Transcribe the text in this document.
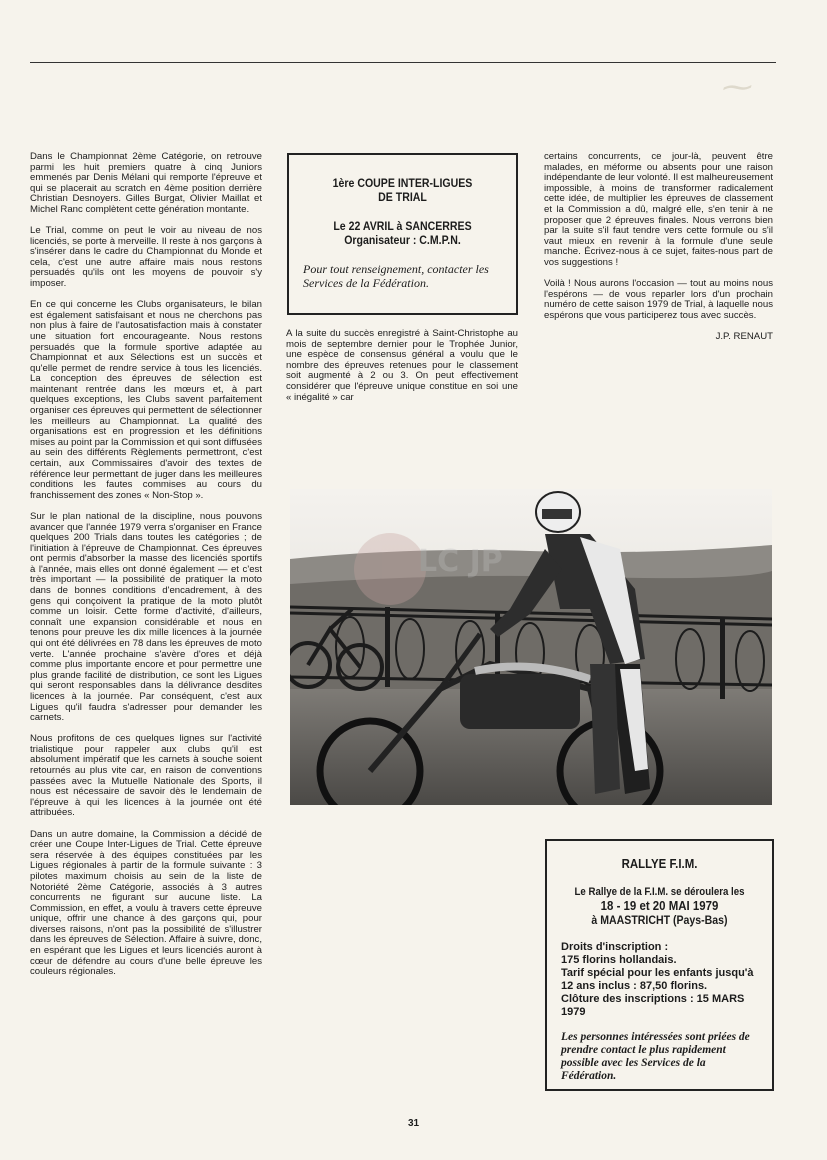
⁓

Dans le Championnat 2ème Catégorie, on retrouve parmi les huit premiers quatre à cinq Juniors emmenés par Denis Mélani qui remporte l'épreuve et qui se placerait au scratch en 4ème position derrière Christian Desnoyers. Gilles Burgat, Olivier Maillat et Michel Ranc complètent cette génération montante.

Le Trial, comme on peut le voir au niveau de nos licenciés, se porte à merveille. Il reste à nos garçons à s'insérer dans le cadre du Championnat du Monde et cela, c'est une autre affaire mais nous restons persuadés qu'ils ont les moyens de pouvoir s'y imposer.

En ce qui concerne les Clubs organisateurs, le bilan est également satisfaisant et nous ne cherchons pas non plus à faire de l'autosatisfaction mais à constater une situation fort encourageante. Nous restons persuadés que la formule sportive adaptée au Championnat et aux Sélections est un succès et qu'elle permet de rendre service à tous les licenciés. La conception des épreuves de sélection est maintenant rentrée dans les mœurs et, à part quelques exceptions, les Clubs savent parfaitement organiser ces épreuves qui permettent de sélectionner les meilleurs au Championnat. La qualité des organisations est en progression et les définitions mises au point par la Commission et qui sont diffusées au sein des différents Règlements permettront, c'est certain, aux Commissaires d'avoir des textes de référence leur permettant de juger dans les meilleures conditions les fautes commises au cours du franchissement des zones « Non-Stop ».

Sur le plan national de la discipline, nous pouvons avancer que l'année 1979 verra s'organiser en France quelques 200 Trials dans toutes les catégories ; de l'initiation à l'épreuve de Championnat. Ces épreuves ont permis d'absorber la masse des licenciés sportifs à l'année, mais elles ont donné également — et c'est très important — la possibilité de pratiquer la moto dans de bonnes conditions d'encadrement, à des gens qui conçoivent la pratique de la moto plutôt comme un loisir. Cette forme d'activité, d'ailleurs, connaît une expansion considérable et nous en tenons pour preuve les dix mille licences à la journée qui ont été délivrées en 78 dans les épreuves de moto verte. L'année prochaine s'avère d'ores et déjà comme plus importante encore et pour permettre une plus grande facilité de distribution, ce sont les Ligues qui seront responsables dans la délivrance desdites licences à la journée. Par conséquent, c'est aux Ligues qu'il faudra s'adresser pour demander les carnets.

Nous profitons de ces quelques lignes sur l'activité trialistique pour rappeler aux clubs qu'il est absolument impératif que les carnets à souche soient retournés au plus vite car, en raison de conventions passées avec la Mutuelle Nationale des Sports, il nous est nécessaire de savoir dès le lendemain de l'épreuve à qui les licences à la journée ont été attribuées.

Dans un autre domaine, la Commission a décidé de créer une Coupe Inter-Ligues de Trial. Cette épreuve sera réservée à des équipes constituées par les Ligues régionales à partir de la formule suivante : 3 pilotes maximum choisis au sein de la liste de Notoriété 2ème Catégorie, associés à 3 autres concurrents ne figurant sur aucune liste. La Commission, en effet, a voulu à travers cette épreuve unique, offrir une chance à des garçons qui, pour diverses raisons, n'ont pas la possibilité de s'illustrer dans les épreuves de Sélection. Affaire à suivre, donc, en espérant que les Ligues et leurs licenciés auront à cœur de défendre au cours d'une belle épreuve les couleurs régionales.

1ère COUPE INTER-LIGUES
DE TRIAL
Le 22 AVRIL à SANCERRES
Organisateur : C.M.P.N.
Pour tout renseignement, contacter les Services de la Fédération.

A la suite du succès enregistré à Saint-Christophe au mois de septembre dernier pour le Trophée Junior, une espèce de consensus général a voulu que le nombre des épreuves retenues pour le classement soit augmenté à 2 ou 3. On peut effectivement considérer que l'épreuve unique constitue en soi une « inégalité » car

certains concurrents, ce jour-là, peuvent être malades, en méforme ou absents pour une raison indépendante de leur volonté. Il est malheureusement impossible, à moins de transformer radicalement cette idée, de multiplier les épreuves de classement et la Commission a dû, malgré elle, s'en tenir à ne proposer que 2 épreuves finales. Nous verrons bien par la suite s'il faut tendre vers cette formule ou s'il vaut mieux en revenir à la formule d'une seule manche. Écrivez-nous à ce sujet, faites-nous part de vos suggestions !

Voilà ! Nous aurons l'occasion — tout au moins nous l'espérons — de vous reparler lors d'un prochain numéro de cette saison 1979 de Trial, à laquelle nous espérons que vous participerez tous avec succès.

J.P. RENAUT
LC JP
RALLYE F.I.M.
Le Rallye de la F.I.M. se déroulera les
18 - 19 et 20 MAI 1979
à MAASTRICHT (Pays-Bas)
Droits d'inscription :
175 florins hollandais.
Tarif spécial pour les enfants jusqu'à 12 ans inclus : 87,50 florins.
Clôture des inscriptions : 15 MARS 1979
Les personnes intéressées sont priées de prendre contact le plus rapidement possible avec les Services de la Fédération.
31
